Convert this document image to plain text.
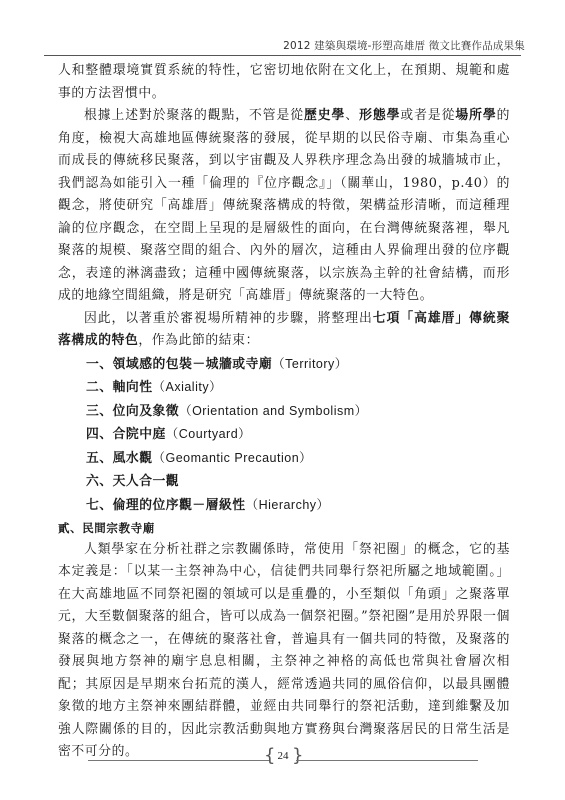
2012 建築與環境-形塑高雄厝 徵文比賽作品成果集

人和整體環境實質系統的特性，它密切地依附在文化上，在預期、規範和處事的方法習慣中。

根據上述對於聚落的觀點，不管是從歷史學、形態學或者是從場所學的角度，檢視大高雄地區傳統聚落的發展，從早期的以民俗寺廟、市集為重心而成長的傳統移民聚落，到以宇宙觀及人界秩序理念為出發的城牆城市止，我們認為如能引入一種「倫理的『位序觀念』」（關華山，1980，p.40）的觀念，將使研究「高雄厝」傳統聚落構成的特徵，架構益形清晰，而這種理論的位序觀念，在空間上呈現的是層級性的面向，在台灣傳統聚落裡，舉凡聚落的規模、聚落空間的組合、內外的層次，這種由人界倫理出發的位序觀念，表達的淋漓盡致；這種中國傳統聚落，以宗族為主幹的社會結構，而形成的地緣空間組織，將是研究「高雄厝」傳統聚落的一大特色。

因此，以著重於審視場所精神的步驟，將整理出七項「高雄厝」傳統聚落構成的特色，作為此節的結束：

一、領域感的包裝－城牆或寺廟（Territory）
二、軸向性（Axiality）
三、位向及象徵（Orientation and Symbolism）
四、合院中庭（Courtyard）
五、風水觀（Geomantic Precaution）
六、天人合一觀
七、倫理的位序觀－層級性（Hierarchy）

貳、民間宗教寺廟

人類學家在分析社群之宗教關係時，常使用「祭祀圈」的概念，它的基本定義是：「以某一主祭神為中心，信徒們共同舉行祭祀所屬之地域範圍。」在大高雄地區不同祭祀圈的領域可以是重疊的，小至類似「角頭」之聚落單元，大至數個聚落的組合，皆可以成為一個祭祀圈。”祭祀圈”是用於界限一個聚落的概念之一，在傳統的聚落社會，普遍具有一個共同的特徵，及聚落的發展與地方祭神的廟宇息息相關，主祭神之神格的高低也常與社會層次相配；其原因是早期來台拓荒的漢人，經常透過共同的風俗信仰，以最具團體象徵的地方主祭神來團結群體，並經由共同舉行的祭祀活動，達到維繫及加強人際關係的目的，因此宗教活動與地方實務與台灣聚落居民的日常生活是密不可分的。	{ 24 }
